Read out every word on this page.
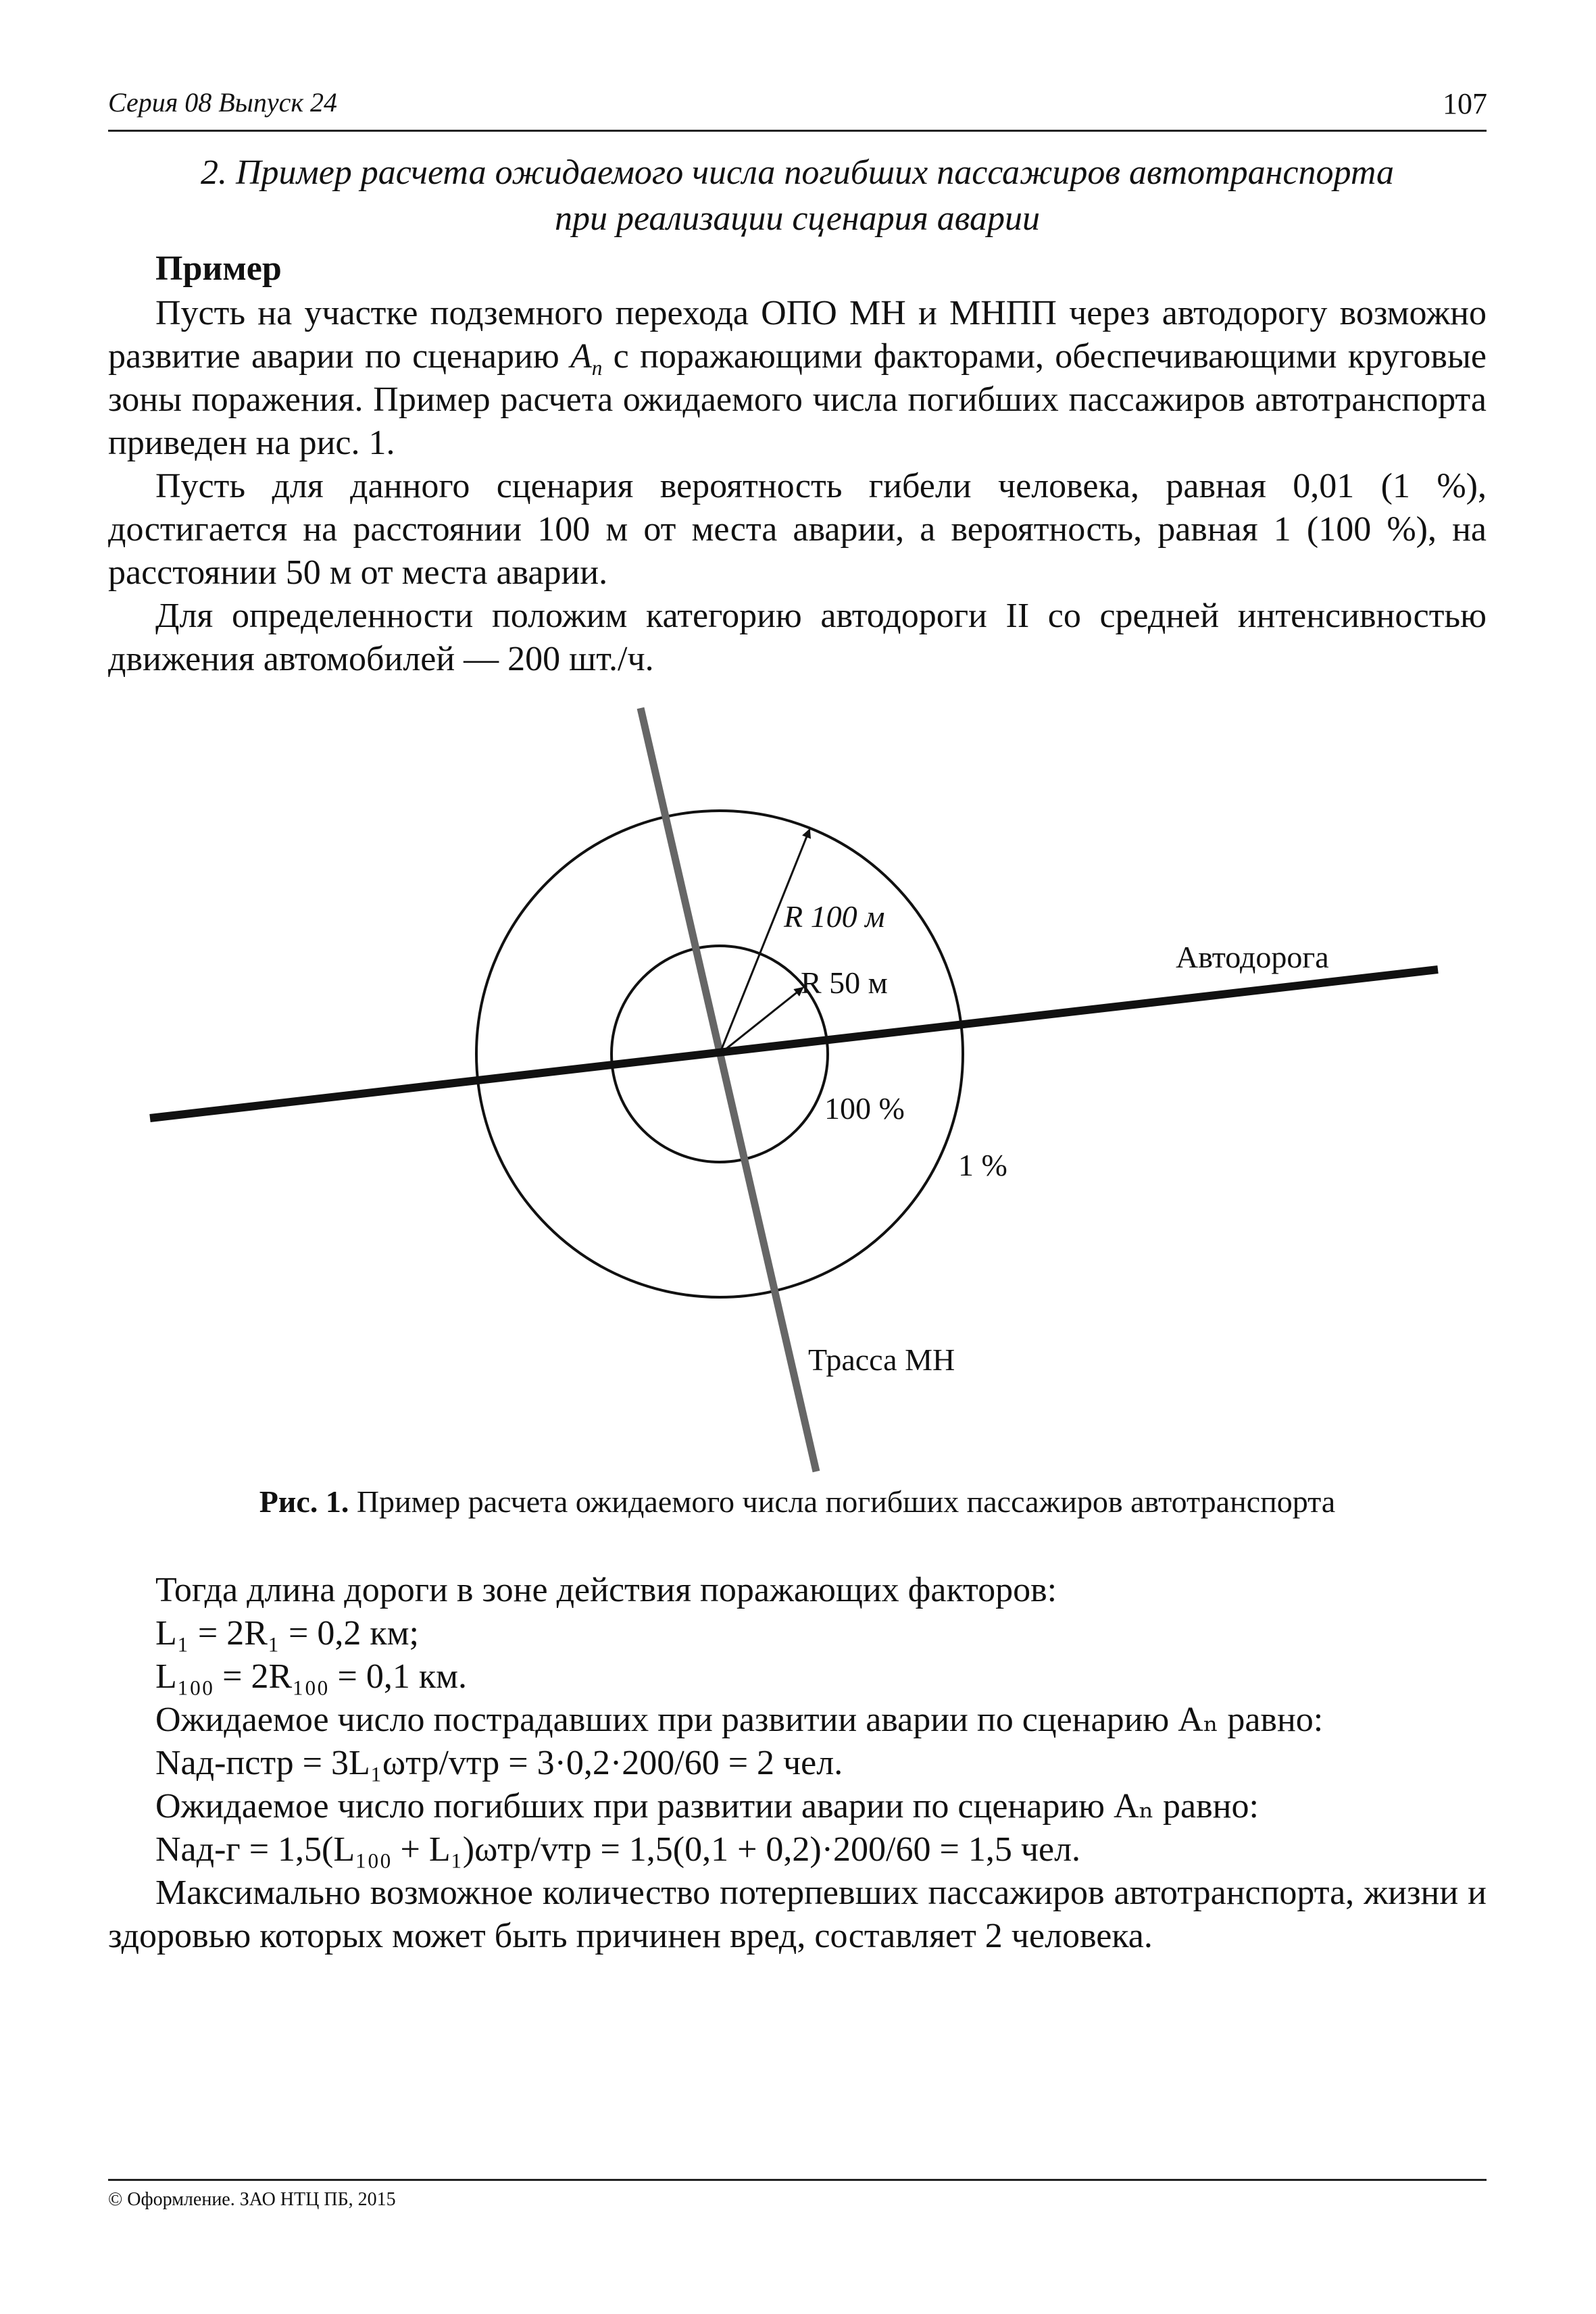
Серия 08 Выпуск 24	107
2. Пример расчета ожидаемого числа погибших пассажиров автотранспорта
при реализации сценария аварии
Пример

Пусть на участке подземного перехода ОПО МН и МНПП через автодорогу возможно развитие аварии по сценарию $A_n$ с поражающими факторами, обеспечивающими круговые зоны поражения. Пример расчета ожидаемого числа погибших пассажиров автотранспорта приведен на рис. 1.

Пусть для данного сценария вероятность гибели человека, равная 0,01 (1 %), достигается на расстоянии 100 м от места аварии, а вероятность, равная 1 (100 %), на расстоянии 50 м от места аварии.

Для определенности положим категорию автодороги II со средней интенсивностью движения автомобилей — 200 шт./ч.

R 100 м
R 50 м
Автодорога
100 %
1 %
Трасса МН
Рис. 1. Пример расчета ожидаемого числа погибших пассажиров автотранспорта
Тогда длина дороги в зоне действия поражающих факторов:
L₁ = 2R₁ = 0,2 км;
L₁₀₀ = 2R₁₀₀ = 0,1 км.
Ожидаемое число пострадавших при развитии аварии по сценарию Aₙ равно:
Nад-пстр = 3L₁ωтр/vтр = 3·0,2·200/60 = 2 чел.
Ожидаемое число погибших при развитии аварии по сценарию Aₙ равно:
Nад-г = 1,5(L₁₀₀ + L₁)ωтр/vтр = 1,5(0,1 + 0,2)·200/60 = 1,5 чел.

Максимально возможное количество потерпевших пассажиров автотранспорта, жизни и здоровью которых может быть причинен вред, составляет 2 человека.

© Оформление. ЗАО НТЦ ПБ, 2015
